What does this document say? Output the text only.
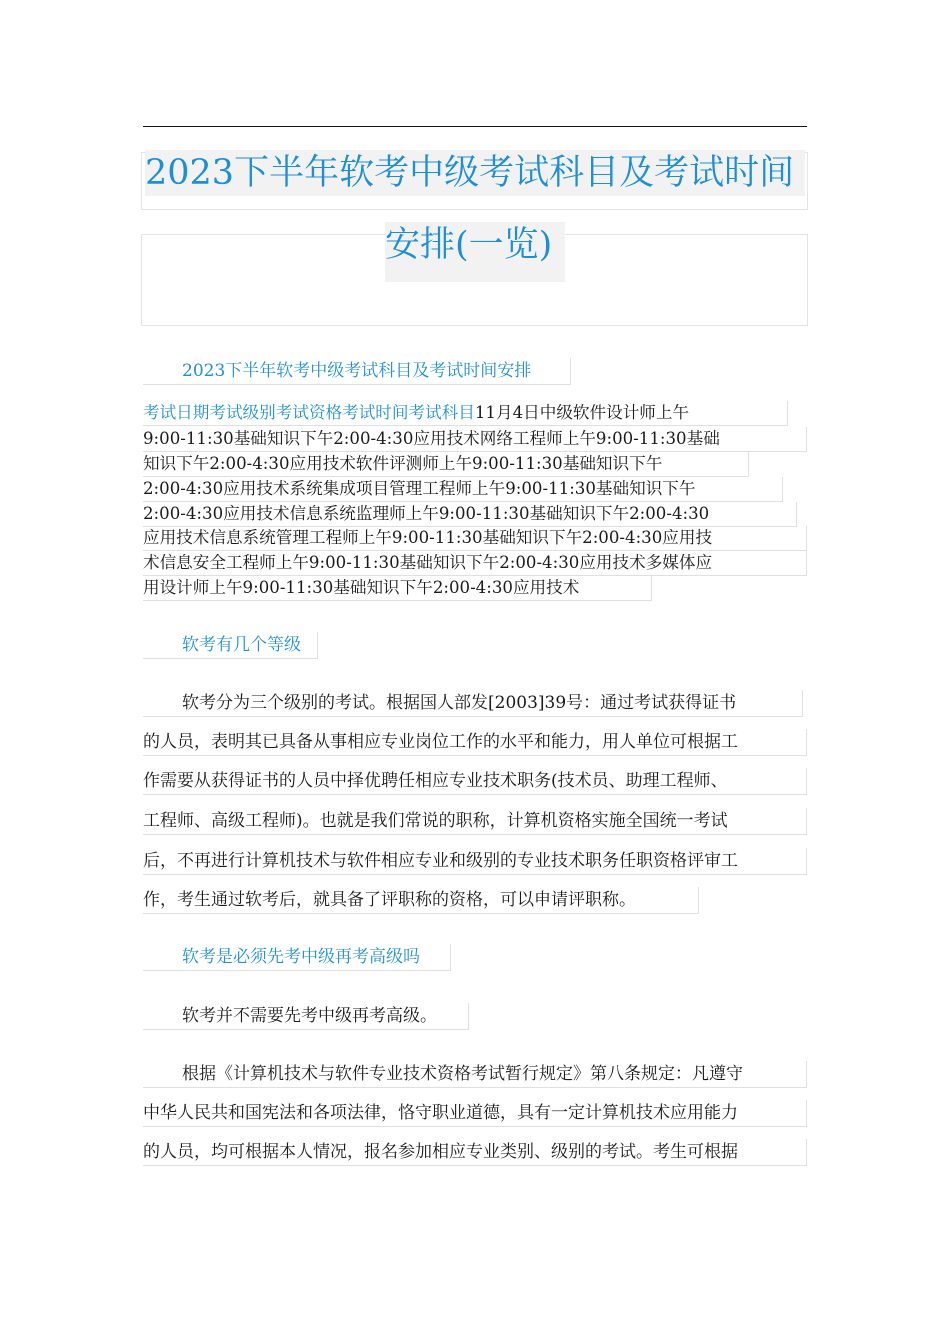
2023下半年软考中级考试科目及考试时间
安排(一览)
2023下半年软考中级考试科目及考试时间安排
考试日期考试级别考试资格考试时间考试科目11月4日中级软件设计师上午
9:00-11:30基础知识下午2:00-4:30应用技术网络工程师上午9:00-11:30基础
知识下午2:00-4:30应用技术软件评测师上午9:00-11:30基础知识下午
2:00-4:30应用技术系统集成项目管理工程师上午9:00-11:30基础知识下午
2:00-4:30应用技术信息系统监理师上午9:00-11:30基础知识下午2:00-4:30
应用技术信息系统管理工程师上午9:00-11:30基础知识下午2:00-4:30应用技
术信息安全工程师上午9:00-11:30基础知识下午2:00-4:30应用技术多媒体应
用设计师上午9:00-11:30基础知识下午2:00-4:30应用技术
软考有几个等级
软考分为三个级别的考试。根据国人部发[2003]39号：通过考试获得证书
的人员，表明其已具备从事相应专业岗位工作的水平和能力，用人单位可根据工
作需要从获得证书的人员中择优聘任相应专业技术职务(技术员、助理工程师、
工程师、高级工程师)。也就是我们常说的职称，计算机资格实施全国统一考试
后，不再进行计算机技术与软件相应专业和级别的专业技术职务任职资格评审工
作，考生通过软考后，就具备了评职称的资格，可以申请评职称。
软考是必须先考中级再考高级吗
软考并不需要先考中级再考高级。
根据《计算机技术与软件专业技术资格考试暂行规定》第八条规定：凡遵守
中华人民共和国宪法和各项法律，恪守职业道德，具有一定计算机技术应用能力
的人员，均可根据本人情况，报名参加相应专业类别、级别的考试。考生可根据
